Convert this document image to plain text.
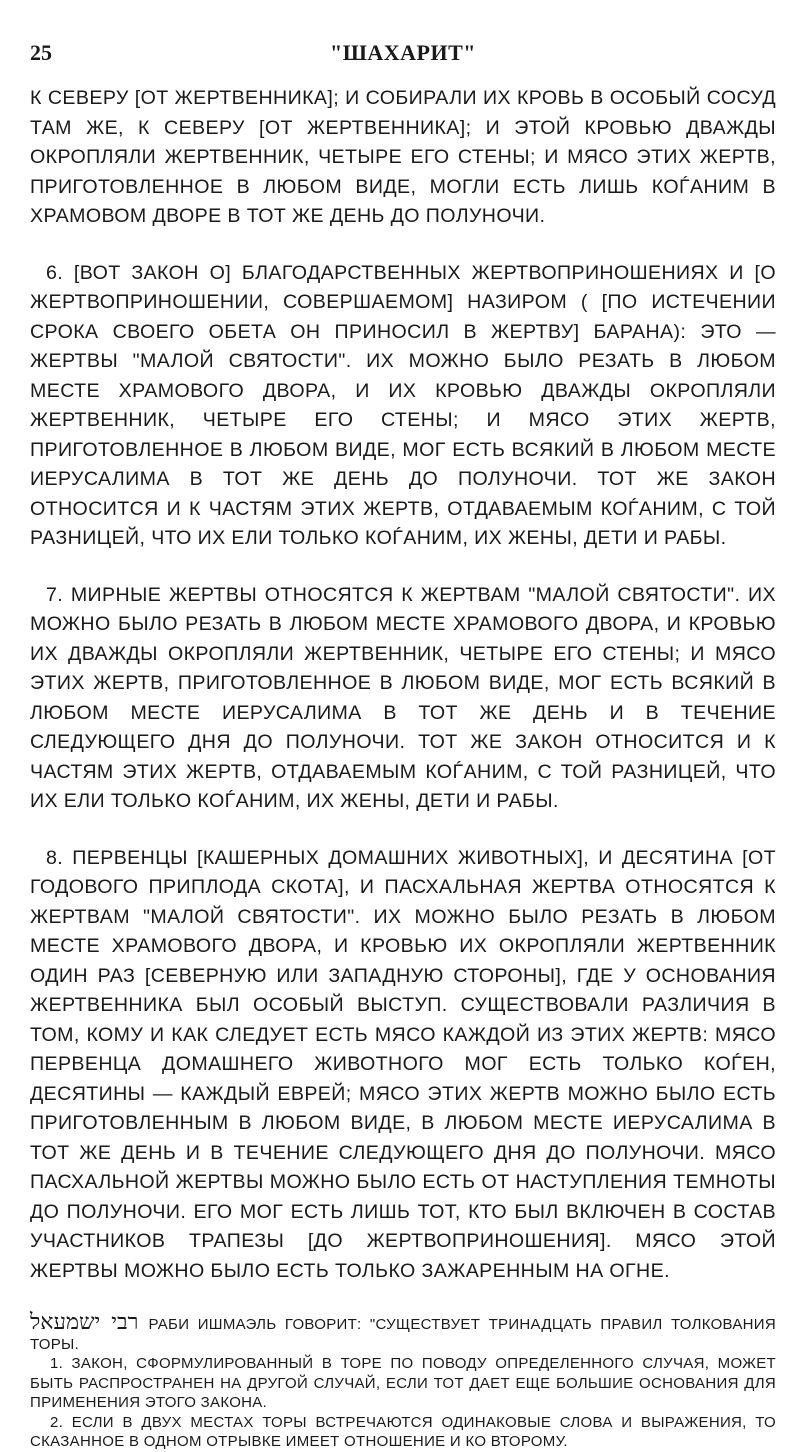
25	"ШАХАРИТ"

К СЕВЕРУ [ОТ ЖЕРТВЕННИКА]; И СОБИРАЛИ ИХ КРОВЬ В ОСОБЫЙ СОСУД ТАМ ЖЕ, К СЕВЕРУ [ОТ ЖЕРТВЕННИКА]; И ЭТОЙ КРОВЬЮ ДВАЖДЫ ОКРОПЛЯЛИ ЖЕРТВЕННИК, ЧЕТЫРЕ ЕГО СТЕНЫ; И МЯСО ЭТИХ ЖЕРТВ, ПРИГОТОВЛЕННОЕ В ЛЮБОМ ВИДЕ, МОГЛИ ЕСТЬ ЛИШЬ КОЃАНИМ В ХРАМОВОМ ДВОРЕ В ТОТ ЖЕ ДЕНЬ ДО ПОЛУНОЧИ.

6. [ВОТ ЗАКОН О] БЛАГОДАРСТВЕННЫХ ЖЕРТВОПРИНОШЕНИЯХ И [О ЖЕРТВОПРИНОШЕНИИ, СОВЕРШАЕМОМ] НАЗИРОМ ( [ПО ИСТЕЧЕНИИ СРОКА СВОЕГО ОБЕТА ОН ПРИНОСИЛ В ЖЕРТВУ] БАРАНА): ЭТО — ЖЕРТВЫ "МАЛОЙ СВЯТОСТИ". ИХ МОЖНО БЫЛО РЕЗАТЬ В ЛЮБОМ МЕСТЕ ХРАМОВОГО ДВОРА, И ИХ КРОВЬЮ ДВАЖДЫ ОКРОПЛЯЛИ ЖЕРТВЕННИК, ЧЕТЫРЕ ЕГО СТЕНЫ; И МЯСО ЭТИХ ЖЕРТВ, ПРИГОТОВЛЕННОЕ В ЛЮБОМ ВИДЕ, МОГ ЕСТЬ ВСЯКИЙ В ЛЮБОМ МЕСТЕ ИЕРУСАЛИМА В ТОТ ЖЕ ДЕНЬ ДО ПОЛУНОЧИ. ТОТ ЖЕ ЗАКОН ОТНОСИТСЯ И К ЧАСТЯМ ЭТИХ ЖЕРТВ, ОТДАВАЕМЫМ КОЃАНИМ, С ТОЙ РАЗНИЦЕЙ, ЧТО ИХ ЕЛИ ТОЛЬКО КОЃАНИМ, ИХ ЖЕНЫ, ДЕТИ И РАБЫ.

7. МИРНЫЕ ЖЕРТВЫ ОТНОСЯТСЯ К ЖЕРТВАМ "МАЛОЙ СВЯТОСТИ". ИХ МОЖНО БЫЛО РЕЗАТЬ В ЛЮБОМ МЕСТЕ ХРАМОВОГО ДВОРА, И КРОВЬЮ ИХ ДВАЖДЫ ОКРОПЛЯЛИ ЖЕРТВЕННИК, ЧЕТЫРЕ ЕГО СТЕНЫ; И МЯСО ЭТИХ ЖЕРТВ, ПРИГОТОВЛЕННОЕ В ЛЮБОМ ВИДЕ, МОГ ЕСТЬ ВСЯКИЙ В ЛЮБОМ МЕСТЕ ИЕРУСАЛИМА В ТОТ ЖЕ ДЕНЬ И В ТЕЧЕНИЕ СЛЕДУЮЩЕГО ДНЯ ДО ПОЛУНОЧИ. ТОТ ЖЕ ЗАКОН ОТНОСИТСЯ И К ЧАСТЯМ ЭТИХ ЖЕРТВ, ОТДАВАЕМЫМ КОЃАНИМ, С ТОЙ РАЗНИЦЕЙ, ЧТО ИХ ЕЛИ ТОЛЬКО КОЃАНИМ, ИХ ЖЕНЫ, ДЕТИ И РАБЫ.

8. ПЕРВЕНЦЫ [КАШЕРНЫХ ДОМАШНИХ ЖИВОТНЫХ], И ДЕСЯТИНА [ОТ ГОДОВОГО ПРИПЛОДА СКОТА], И ПАСХАЛЬНАЯ ЖЕРТВА ОТНОСЯТСЯ К ЖЕРТВАМ "МАЛОЙ СВЯТОСТИ". ИХ МОЖНО БЫЛО РЕЗАТЬ В ЛЮБОМ МЕСТЕ ХРАМОВОГО ДВОРА, И КРОВЬЮ ИХ ОКРОПЛЯЛИ ЖЕРТВЕННИК ОДИН РАЗ [СЕВЕРНУЮ ИЛИ ЗАПАДНУЮ СТОРОНЫ], ГДЕ У ОСНОВАНИЯ ЖЕРТВЕННИКА БЫЛ ОСОБЫЙ ВЫСТУП. СУЩЕСТВОВАЛИ РАЗЛИЧИЯ В ТОМ, КОМУ И КАК СЛЕДУЕТ ЕСТЬ МЯСО КАЖДОЙ ИЗ ЭТИХ ЖЕРТВ: МЯСО ПЕРВЕНЦА ДОМАШНЕГО ЖИВОТНОГО МОГ ЕСТЬ ТОЛЬКО КОЃЕН, ДЕСЯТИНЫ — КАЖДЫЙ ЕВРЕЙ; МЯСО ЭТИХ ЖЕРТВ МОЖНО БЫЛО ЕСТЬ ПРИГОТОВЛЕННЫМ В ЛЮБОМ ВИДЕ, В ЛЮБОМ МЕСТЕ ИЕРУСАЛИМА В ТОТ ЖЕ ДЕНЬ И В ТЕЧЕНИЕ СЛЕДУЮЩЕГО ДНЯ ДО ПОЛУНОЧИ. МЯСО ПАСХАЛЬНОЙ ЖЕРТВЫ МОЖНО БЫЛО ЕСТЬ ОТ НАСТУПЛЕНИЯ ТЕМНОТЫ ДО ПОЛУНОЧИ. ЕГО МОГ ЕСТЬ ЛИШЬ ТОТ, КТО БЫЛ ВКЛЮЧЕН В СОСТАВ УЧАСТНИКОВ ТРАПЕЗЫ [ДО ЖЕРТВОПРИНОШЕНИЯ]. МЯСО ЭТОЙ ЖЕРТВЫ МОЖНО БЫЛО ЕСТЬ ТОЛЬКО ЗАЖАРЕННЫМ НА ОГНЕ.

רבי ישמעאל РАБИ ИШМАЭЛЬ ГОВОРИТ: "СУЩЕСТВУЕТ ТРИНАДЦАТЬ ПРАВИЛ ТОЛКОВАНИЯ ТОРЫ.

1. ЗАКОН, СФОРМУЛИРОВАННЫЙ В ТОРЕ ПО ПОВОДУ ОПРЕДЕЛЕННОГО СЛУЧАЯ, МОЖЕТ БЫТЬ РАСПРОСТРАНЕН НА ДРУГОЙ СЛУЧАЙ, ЕСЛИ ТОТ ДАЕТ ЕЩЕ БОЛЬШИЕ ОСНОВАНИЯ ДЛЯ ПРИМЕНЕНИЯ ЭТОГО ЗАКОНА.

2. ЕСЛИ В ДВУХ МЕСТАХ ТОРЫ ВСТРЕЧАЮТСЯ ОДИНАКОВЫЕ СЛОВА И ВЫРАЖЕНИЯ, ТО СКАЗАННОЕ В ОДНОМ ОТРЫВКЕ ИМЕЕТ ОТНОШЕНИЕ И КО ВТОРОМУ.
